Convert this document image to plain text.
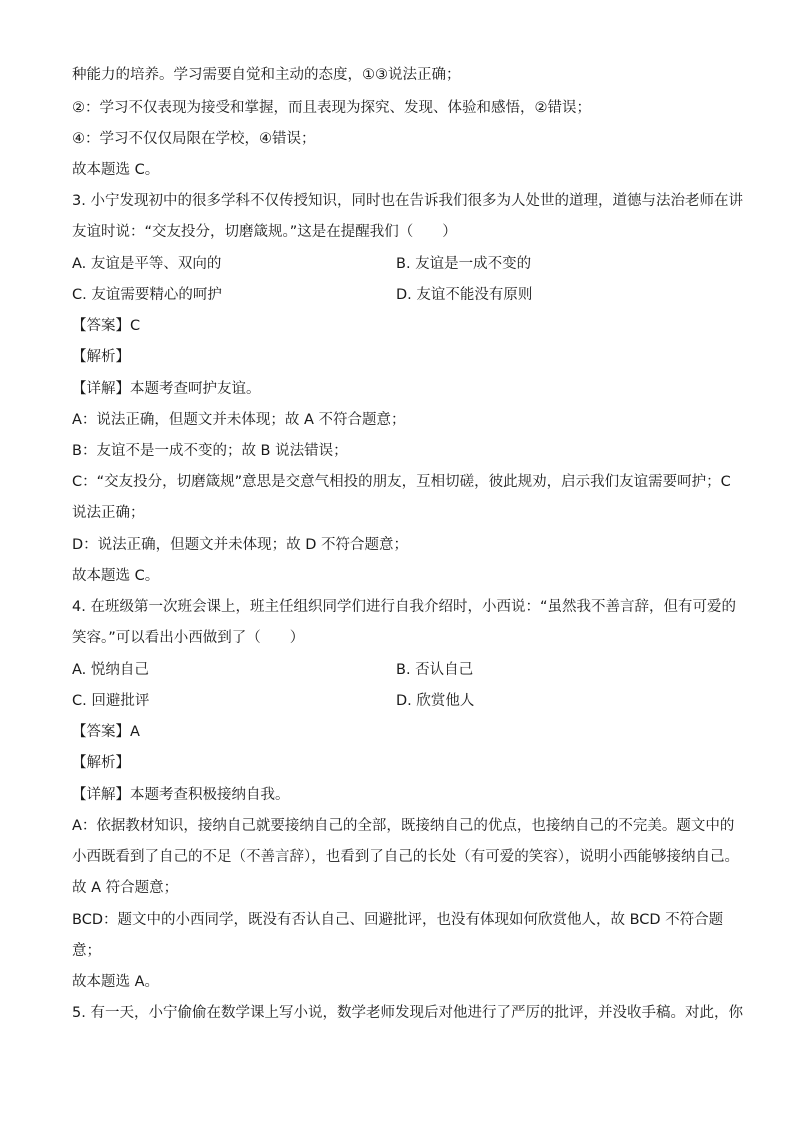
种能力的培养。学习需要自觉和主动的态度，①③说法正确；
②：学习不仅表现为接受和掌握，而且表现为探究、发现、体验和感悟，②错误；
④：学习不仅仅局限在学校，④错误；
故本题选 C。
3. 小宁发现初中的很多学科不仅传授知识，同时也在告诉我们很多为人处世的道理，道德与法治老师在讲
友谊时说：“交友投分，切磨箴规。”这是在提醒我们（　　）
A. 友谊是平等、双向的	B. 友谊是一成不变的
C. 友谊需要精心的呵护	D. 友谊不能没有原则
【答案】C
【解析】
【详解】本题考查呵护友谊。
A：说法正确，但题文并未体现；故 A 不符合题意；
B：友谊不是一成不变的；故 B 说法错误；
C：“交友投分，切磨箴规”意思是交意气相投的朋友，互相切磋，彼此规劝，启示我们友谊需要呵护；C
说法正确；
D：说法正确，但题文并未体现；故 D 不符合题意；
故本题选 C。
4. 在班级第一次班会课上，班主任组织同学们进行自我介绍时，小西说：“虽然我不善言辞，但有可爱的
笑容。”可以看出小西做到了（　　）
A. 悦纳自己	B. 否认自己
C. 回避批评	D. 欣赏他人
【答案】A
【解析】
【详解】本题考查积极接纳自我。
A：依据教材知识，接纳自己就要接纳自己的全部，既接纳自己的优点，也接纳自己的不完美。题文中的
小西既看到了自己的不足（不善言辞），也看到了自己的长处（有可爱的笑容），说明小西能够接纳自己。
故 A 符合题意；
BCD：题文中的小西同学，既没有否认自己、回避批评，也没有体现如何欣赏他人，故 BCD 不符合题
意；
故本题选 A。
5. 有一天，小宁偷偷在数学课上写小说，数学老师发现后对他进行了严厉的批评，并没收手稿。对此，你
